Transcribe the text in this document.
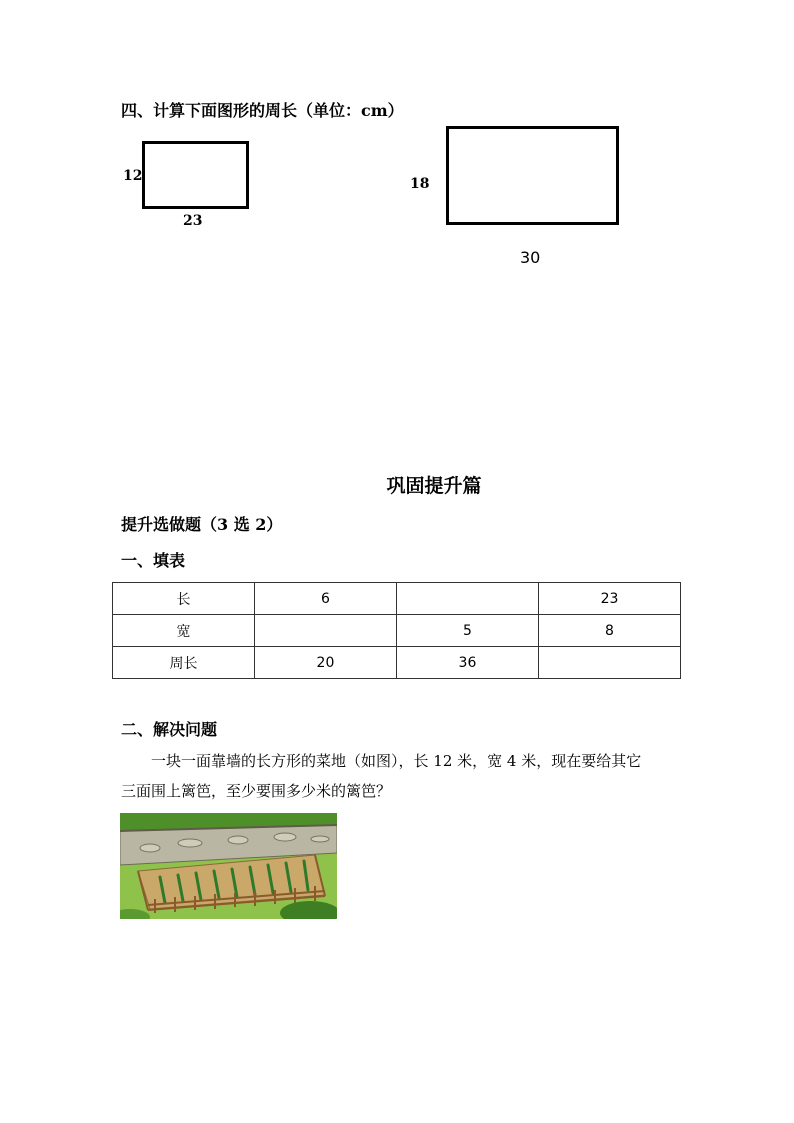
四、计算下面图形的周长（单位：cm）
12
23
18
30
巩固提升篇
提升选做题（3 选 2）
一、填表
长	6		23
宽		5	8
周长	20	36	
二、解决问题
一块一面靠墙的长方形的菜地（如图），长 12 米，宽 4 米，现在要给其它
三面围上篱笆，至少要围多少米的篱笆？
